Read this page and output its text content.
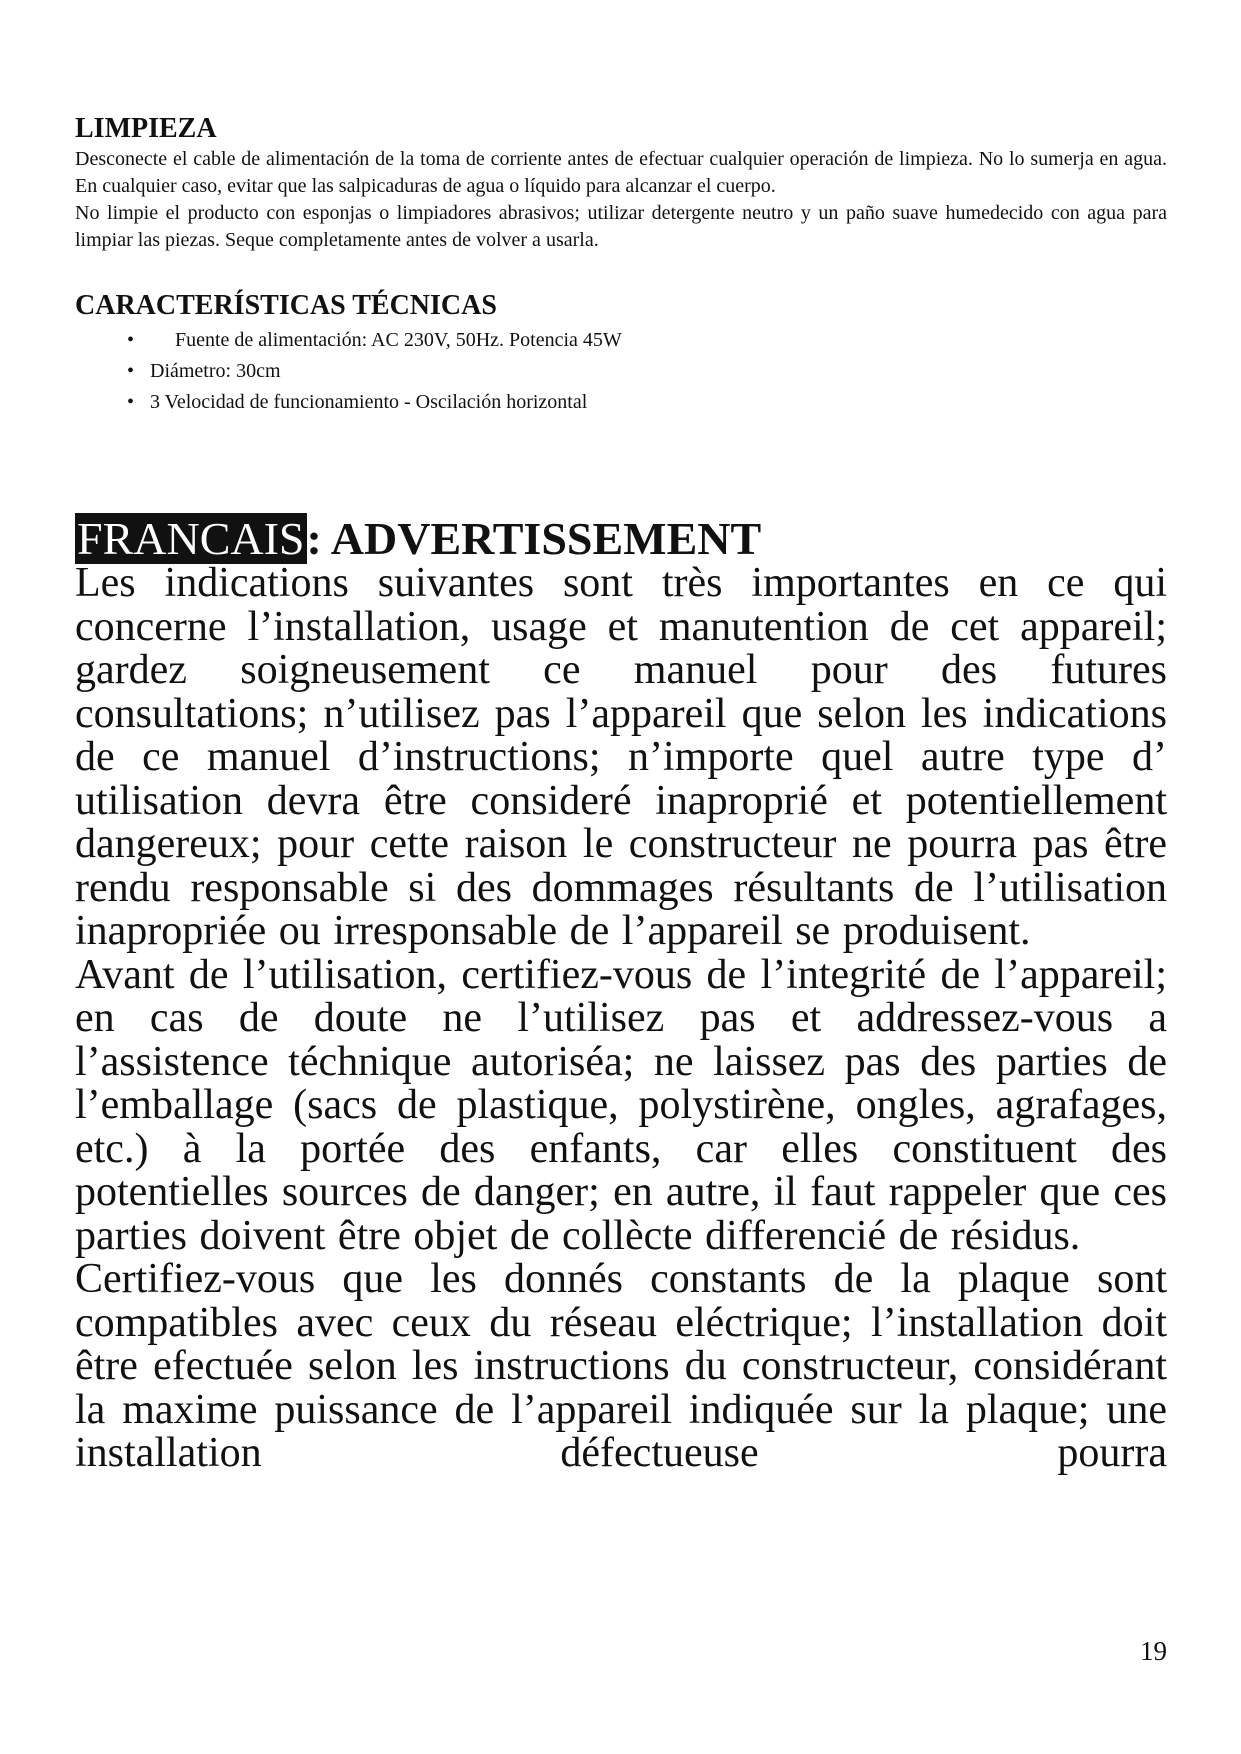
LIMPIEZA

Desconecte el cable de alimentación de la toma de corriente antes de efectuar cualquier operación de limpieza. No lo sumerja en agua. En cualquier caso, evitar que las salpicaduras de agua o líquido para alcanzar el cuerpo.

No limpie el producto con esponjas o limpiadores abrasivos; utilizar detergente neutro y un paño suave humedecido con agua para limpiar las piezas. Seque completamente antes de volver a usarla.

CARACTERÍSTICAS TÉCNICAS
• Fuente de alimentación: AC 230V, 50Hz. Potencia 45W
• Diámetro: 30cm
• 3 Velocidad de funcionamiento - Oscilación horizontal
FRANCAIS: ADVERTISSEMENT

Les indications suivantes sont très importantes en ce qui concerne l’installation, usage et manutention de cet appareil; gardez soigneusement ce manuel pour des futures consultations; n’utilisez pas l’appareil que selon les indications de ce manuel d’instructions; n’importe quel autre type d’ utilisation devra être consideré inaproprié et potentiellement dangereux; pour cette raison le constructeur ne pourra pas être rendu responsable si des dommages résultants de l’utilisation inapropriée ou irresponsable de l’appareil se produisent.

Avant de l’utilisation, certifiez-vous de l’integrité de l’appareil; en cas de doute ne l’utilisez pas et addressez-vous a l’assistence téchnique autoriséa; ne laissez pas des parties de l’emballage (sacs de plastique, polystirène, ongles, agrafages, etc.) à la portée des enfants, car elles constituent des potentielles sources de danger; en autre, il faut rappeler que ces parties doivent être objet de collècte differencié de résidus.

Certifiez-vous que les donnés constants de la plaque sont compatibles avec ceux du réseau eléctrique; l’installation doit être efectuée selon les instructions du constructeur, considérant la maxime puissance de l’appareil indiquée sur la plaque; une installation défectueuse pourra

19
